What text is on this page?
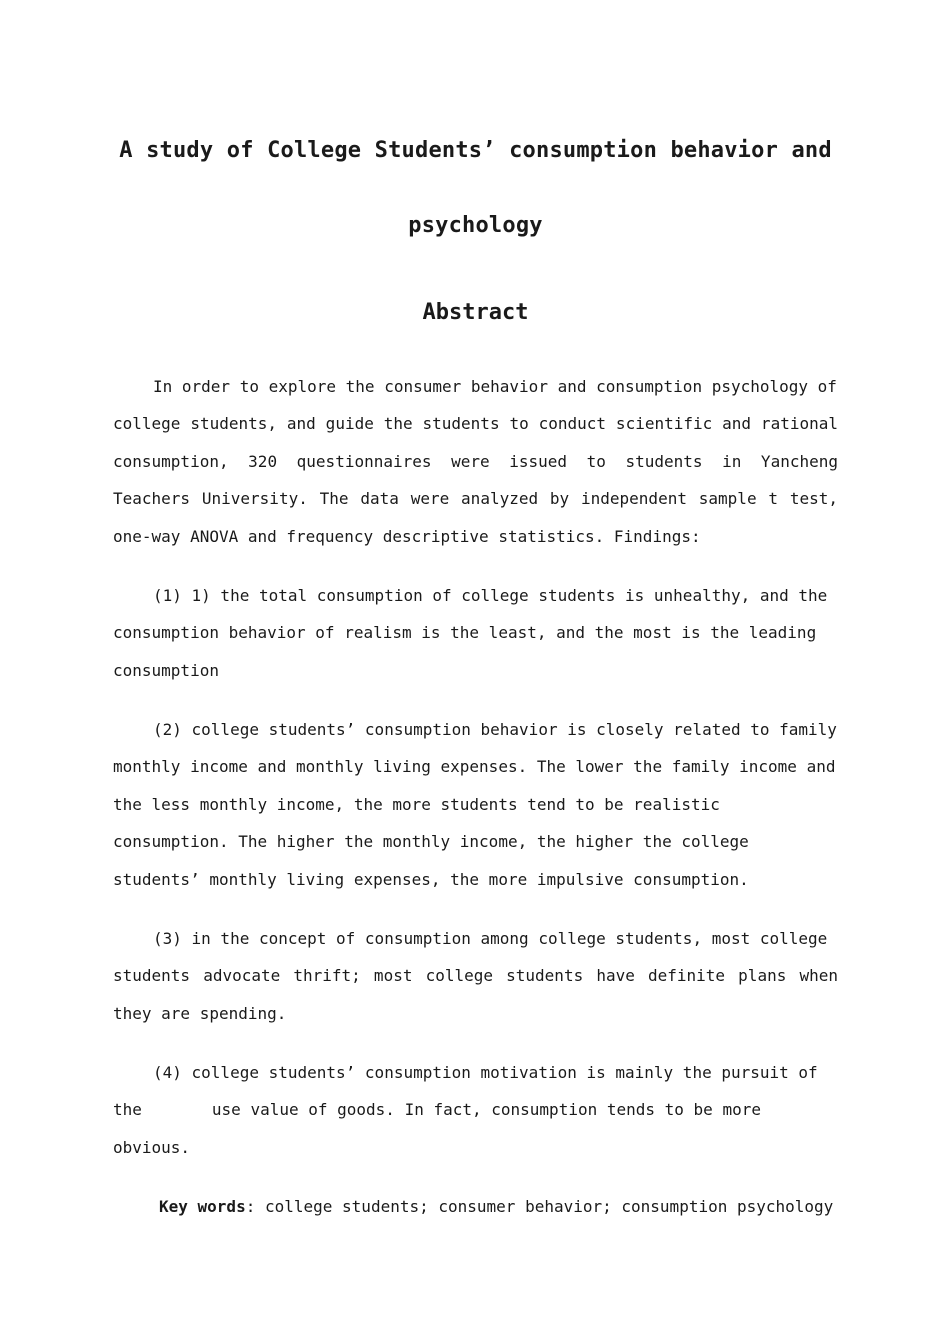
A study of College Students’ consumption behavior and
psychology
Abstract
In order to explore the consumer behavior and consumption psychology of
college students, and guide the students to conduct scientific and rational
consumption, 320 questionnaires were issued to students in Yancheng
Teachers University. The data were analyzed by independent sample t test,
one-way ANOVA and frequency descriptive statistics. Findings:
(1) 1) the total consumption of college students is unhealthy, and the
consumption behavior of realism is the least, and the most is the leading
consumption
(2) college students’ consumption behavior is closely related to family
monthly income and monthly living expenses. The lower the family income and
the less monthly income, the more students tend to be realistic
consumption. The higher the monthly income, the higher the college
students’ monthly living expenses, the more impulsive consumption.
(3) in the concept of consumption among college students, most college
students advocate thrift; most college students have definite plans when
they are spending.
(4) college students’ consumption motivation is mainly the pursuit of
the	use value of goods. In fact, consumption tends to be more
obvious.
Key words: college students; consumer behavior; consumption psychology
